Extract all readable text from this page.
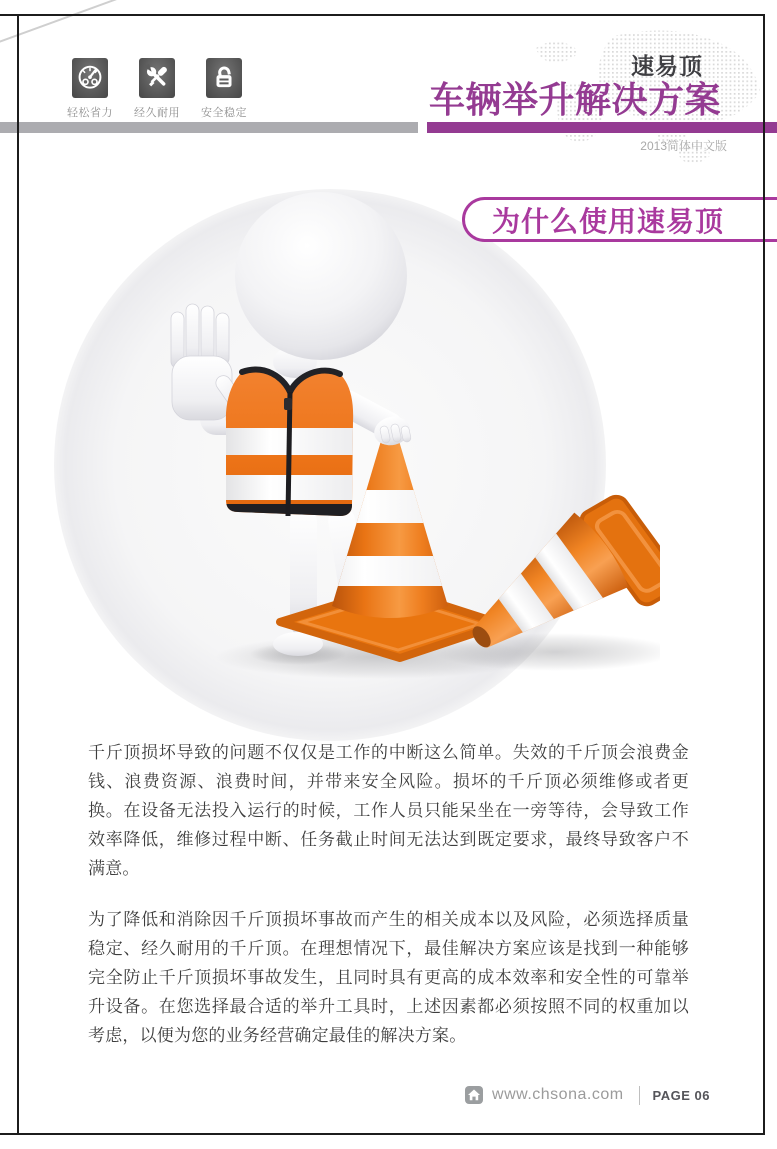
轻松省力 经久耐用 安全稳定
速易顶
车辆举升解决方案
2013简体中文版
为什么使用速易顶

千斤顶损坏导致的问题不仅仅是工作的中断这么简单。失效的千斤顶会浪费金钱、浪费资源、浪费时间，并带来安全风险。损坏的千斤顶必须维修或者更换。在设备无法投入运行的时候，工作人员只能呆坐在一旁等待，会导致工作效率降低，维修过程中断、任务截止时间无法达到既定要求，最终导致客户不满意。

为了降低和消除因千斤顶损坏事故而产生的相关成本以及风险，必须选择质量稳定、经久耐用的千斤顶。在理想情况下，最佳解决方案应该是找到一种能够完全防止千斤顶损坏事故发生，且同时具有更高的成本效率和安全性的可靠举升设备。在您选择最合适的举升工具时，上述因素都必须按照不同的权重加以考虑，以便为您的业务经营确定最佳的解决方案。

www.chsona.com PAGE 06
